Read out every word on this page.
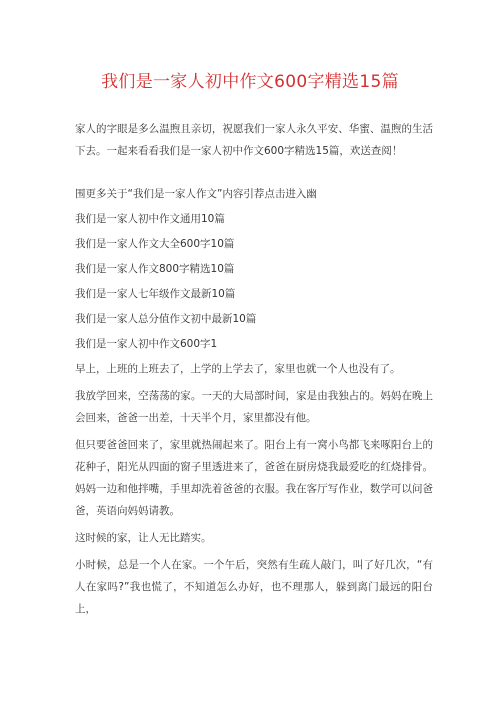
我们是一家人初中作文600字精选15篇

家人的字眼是多么温煦且亲切，祝愿我们一家人永久平安、华蜜、温煦的生活下去。一起来看看我们是一家人初中作文600字精选15篇，欢送查阅！

围更多关于“我们是一家人作文”内容引荐点击进入幽
我们是一家人初中作文通用10篇
我们是一家人作文大全600字10篇
我们是一家人作文800字精选10篇
我们是一家人七年级作文最新10篇
我们是一家人总分值作文初中最新10篇
我们是一家人初中作文600字1

早上，上班的上班去了，上学的上学去了，家里也就一个人也没有了。

我放学回来，空荡荡的家。一天的大局部时间，家是由我独占的。妈妈在晚上会回来，爸爸一出差，十天半个月，家里都没有他。

但只要爸爸回来了，家里就热闹起来了。阳台上有一窝小鸟都飞来啄阳台上的花种子，阳光从四面的窗子里透进来了，爸爸在厨房烧我最爱吃的红烧排骨。妈妈一边和他拌嘴，手里却洗着爸爸的衣服。我在客厅写作业，数学可以问爸爸，英语向妈妈请教。

这时候的家，让人无比踏实。

小时候，总是一个人在家。一个午后，突然有生疏人敲门，叫了好几次，“有人在家吗?”我也慌了，不知道怎么办好，也不理那人，躲到离门最远的阳台上，
